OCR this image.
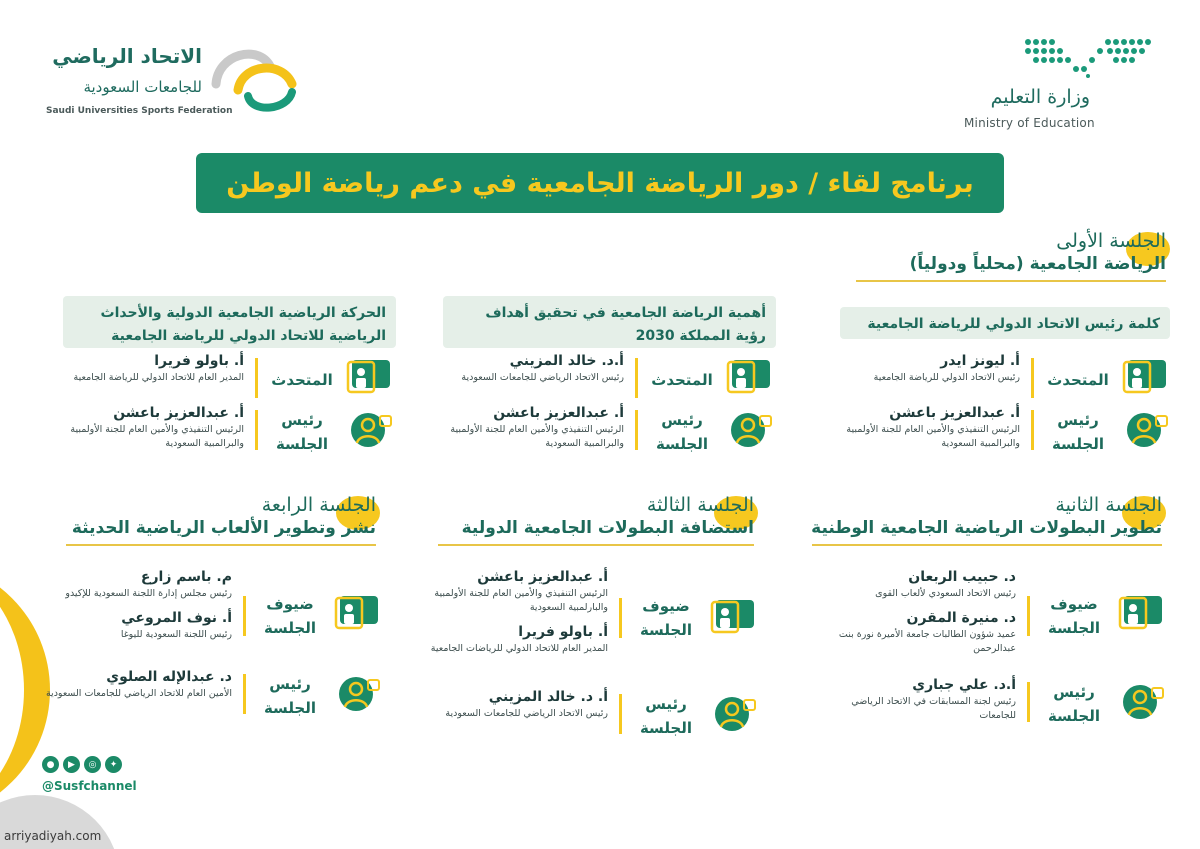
وزارة التعليم
Ministry of Education
الاتحاد الرياضي
للجامعات السعودية
Saudi Universities Sports Federation
برنامج لقاء / دور الرياضة الجامعية في دعم رياضة الوطن
الجلسة الأولى
الرياضة الجامعية (محلياً ودولياً)
كلمة رئيس الاتحاد الدولي للرياضة الجامعية
أهمية الرياضة الجامعية في تحقيق أهداف رؤية المملكة 2030
الحركة الرياضية الجامعية الدولية والأحداث الرياضية للاتحاد الدولي للرياضة الجامعية
المتحدث
أ. ليونز ايدر
رئيس الاتحاد الدولي للرياضة الجامعية
رئيس الجلسة
أ. عبدالعزيز باعشن
الرئيس التنفيذي والأمين العام للجنة الأولمبية والبرالمبية السعودية
المتحدث
أ.د. خالد المزيني
رئيس الاتحاد الرياضي للجامعات السعودية
رئيس الجلسة
أ. عبدالعزيز باعشن
الرئيس التنفيذي والأمين العام للجنة الأولمبية والبرالمبية السعودية
المتحدث
أ. باولو فريرا
المدير العام للاتحاد الدولي للرياضة الجامعية
رئيس الجلسة
أ. عبدالعزيز باعشن
الرئيس التنفيذي والأمين العام للجنة الأولمبية والبرالمبية السعودية
الجلسة الثانية
تطوير البطولات الرياضية الجامعية الوطنية
ضيوف الجلسة
د. حبيب الربعان
رئيس الاتحاد السعودي لألعاب القوى
د. منيرة المقرن
عميد شؤون الطالبات جامعة الأميرة نورة بنت عبدالرحمن
رئيس الجلسة
أ.د. علي جباري
رئيس لجنة المسابقات في الاتحاد الرياضي للجامعات
الجلسة الثالثة
استضافة البطولات الجامعية الدولية
ضيوف الجلسة
أ. عبدالعزيز باعشن
الرئيس التنفيذي والأمين العام للجنة الأولمبية والبارلمبية السعودية
أ. باولو فريرا
المدير العام للاتحاد الدولي للرياضات الجامعية
رئيس الجلسة
أ. د. خالد المزيني
رئيس الاتحاد الرياضي للجامعات السعودية
الجلسة الرابعة
نشر وتطوير الألعاب الرياضية الحديثة
ضيوف الجلسة
م. باسم زارع
رئيس مجلس إدارة اللجنة السعودية للإكيدو
أ. نوف المروعي
رئيس اللجنة السعودية لليوغا
رئيس الجلسة
د. عبدالإله الصلوي
الأمين العام للاتحاد الرياضي للجامعات السعودية
●	▶	◎	✦
@Susfchannel
arriyadiyah.com
